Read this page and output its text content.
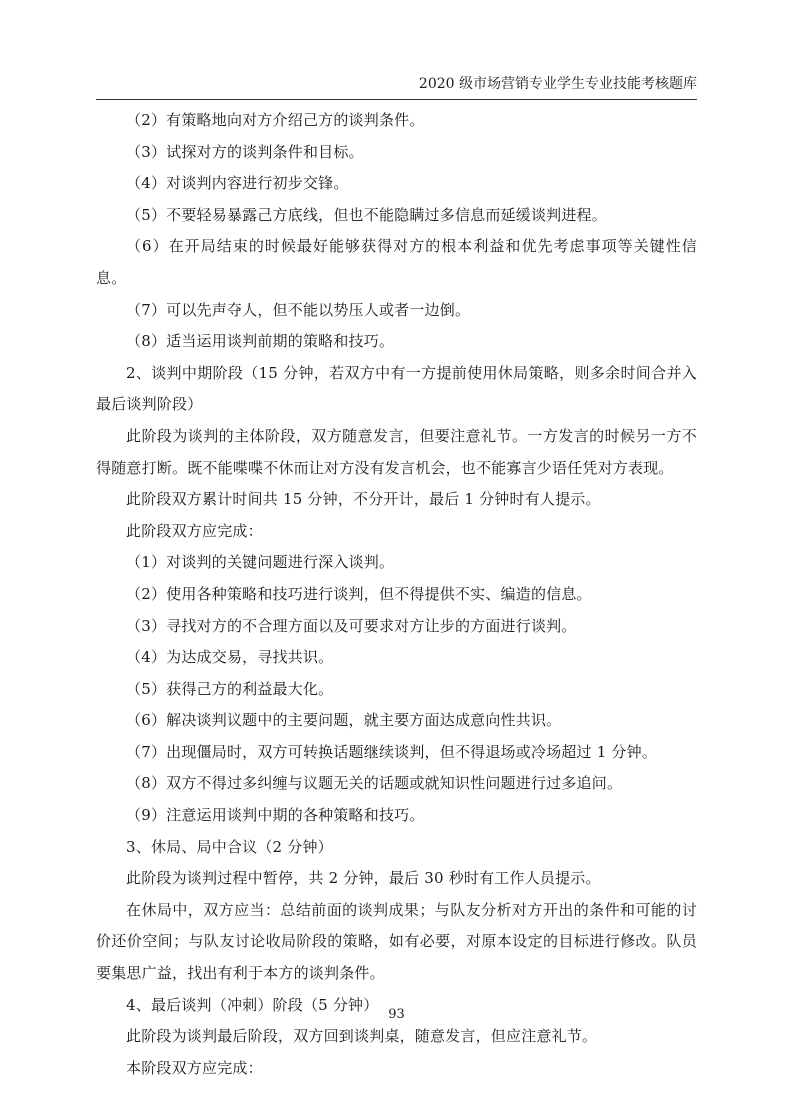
2020 级市场营销专业学生专业技能考核题库

（2）有策略地向对方介绍己方的谈判条件。

（3）试探对方的谈判条件和目标。

（4）对谈判内容进行初步交锋。

（5）不要轻易暴露己方底线，但也不能隐瞒过多信息而延缓谈判进程。

（6）在开局结束的时候最好能够获得对方的根本利益和优先考虑事项等关键性信息。

（7）可以先声夺人，但不能以势压人或者一边倒。

（8）适当运用谈判前期的策略和技巧。

2、谈判中期阶段（15 分钟，若双方中有一方提前使用休局策略，则多余时间合并入最后谈判阶段）

此阶段为谈判的主体阶段，双方随意发言，但要注意礼节。一方发言的时候另一方不得随意打断。既不能喋喋不休而让对方没有发言机会，也不能寡言少语任凭对方表现。

此阶段双方累计时间共 15 分钟，不分开计，最后 1 分钟时有人提示。

此阶段双方应完成：

（1）对谈判的关键问题进行深入谈判。

（2）使用各种策略和技巧进行谈判，但不得提供不实、编造的信息。

（3）寻找对方的不合理方面以及可要求对方让步的方面进行谈判。

（4）为达成交易，寻找共识。

（5）获得己方的利益最大化。

（6）解决谈判议题中的主要问题，就主要方面达成意向性共识。

（7）出现僵局时，双方可转换话题继续谈判，但不得退场或冷场超过 1 分钟。

（8）双方不得过多纠缠与议题无关的话题或就知识性问题进行过多追问。

（9）注意运用谈判中期的各种策略和技巧。

3、休局、局中合议（2 分钟）

此阶段为谈判过程中暂停，共 2 分钟，最后 30 秒时有工作人员提示。

在休局中，双方应当：总结前面的谈判成果；与队友分析对方开出的条件和可能的讨价还价空间；与队友讨论收局阶段的策略，如有必要，对原本设定的目标进行修改。队员要集思广益，找出有利于本方的谈判条件。

4、最后谈判（冲刺）阶段（5 分钟）

此阶段为谈判最后阶段，双方回到谈判桌，随意发言，但应注意礼节。

本阶段双方应完成：

93
